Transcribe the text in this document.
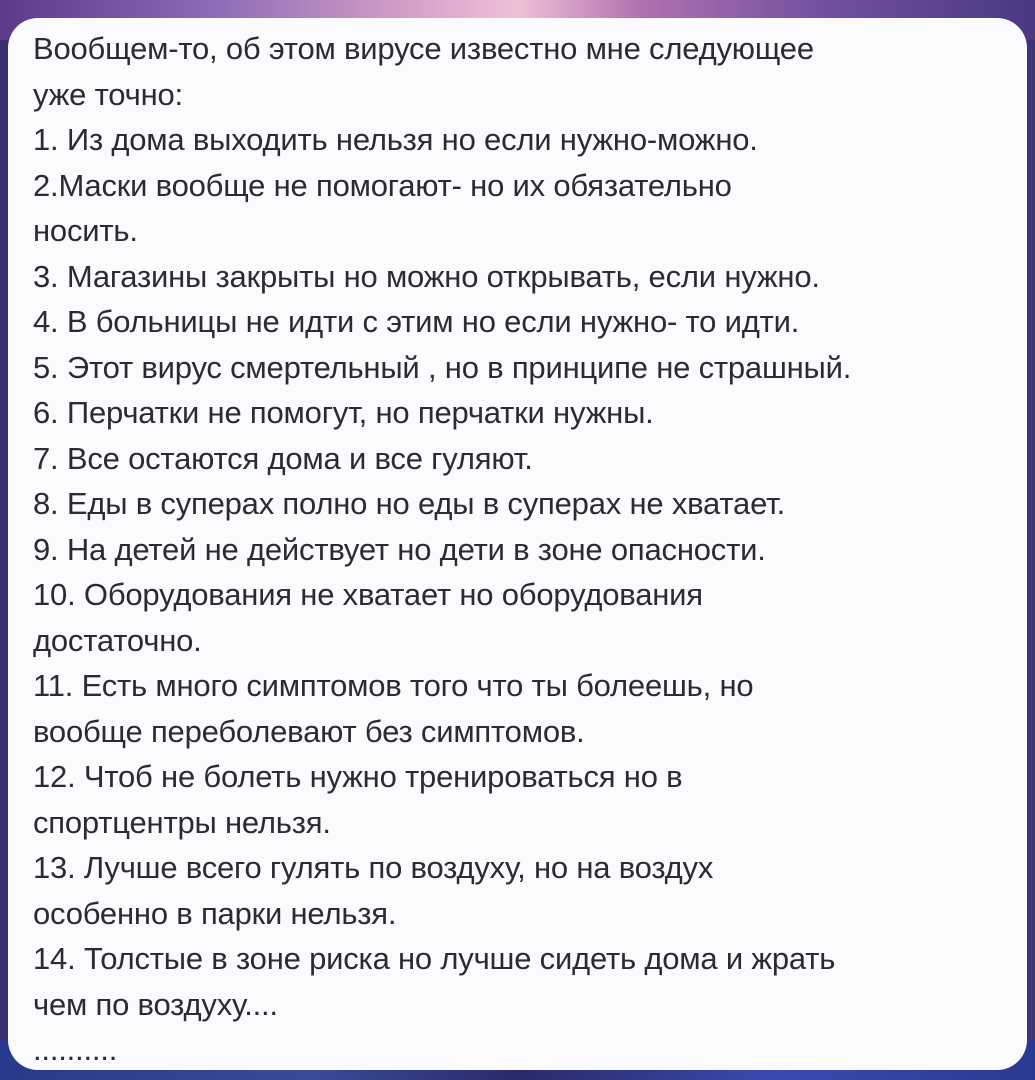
Вообщем-то, об этом вирусе известно мне следующее
уже точно:
1. Из дома выходить нельзя но если нужно-можно.
2.Маски вообще не помогают- но их обязательно
носить.
3. Магазины закрыты но можно открывать, если нужно.
4. В больницы не идти с этим но если нужно- то идти.
5. Этот вирус смертельный , но в принципе не страшный.
6. Перчатки не помогут, но перчатки нужны.
7. Все остаются дома и все гуляют.
8. Еды в суперах полно но еды в суперах не хватает.
9. На детей не действует но дети в зоне опасности.
10. Оборудования не хватает но оборудования
достаточно.
11. Есть много симптомов того что ты болеешь, но
вообще переболевают без симптомов.
12. Чтоб не болеть нужно тренироваться но в
спортцентры нельзя.
13. Лучше всего гулять по воздуху, но на воздух
особенно в парки нельзя.
14. Толстые в зоне риска но лучше сидеть дома и жрать
чем по воздуху....
..........
